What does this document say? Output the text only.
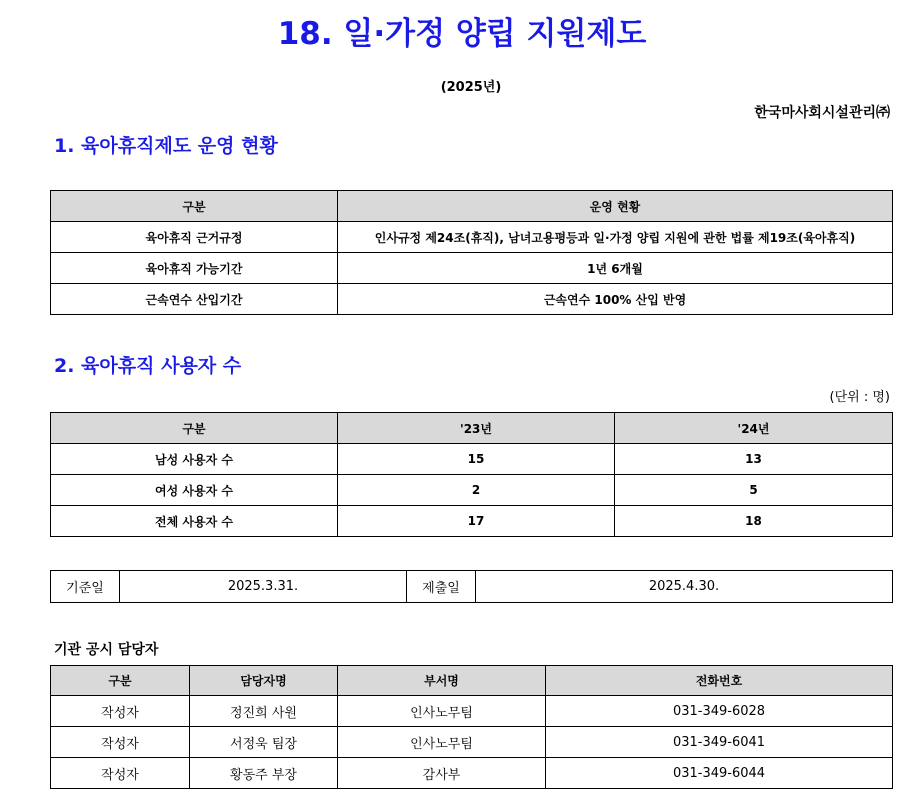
18. 일·가정 양립 지원제도
(2025년)
한국마사회시설관리㈜
1. 육아휴직제도 운영 현황
구분	운영 현황
육아휴직 근거규정	인사규정 제24조(휴직), 남녀고용평등과 일·가정 양립 지원에 관한 법률 제19조(육아휴직)
육아휴직 가능기간	1년 6개월
근속연수 산입기간	근속연수 100% 산입 반영
2. 육아휴직 사용자 수
(단위 : 명)
구분	'23년	'24년
남성 사용자 수	15	13
여성 사용자 수	2	5
전체 사용자 수	17	18
기준일	2025.3.31.	제출일	2025.4.30.
기관 공시 담당자
구분	담당자명	부서명	전화번호
작성자	정진희 사원	인사노무팀	031-349-6028
작성자	서정욱 팀장	인사노무팀	031-349-6041
작성자	황동주 부장	감사부	031-349-6044
